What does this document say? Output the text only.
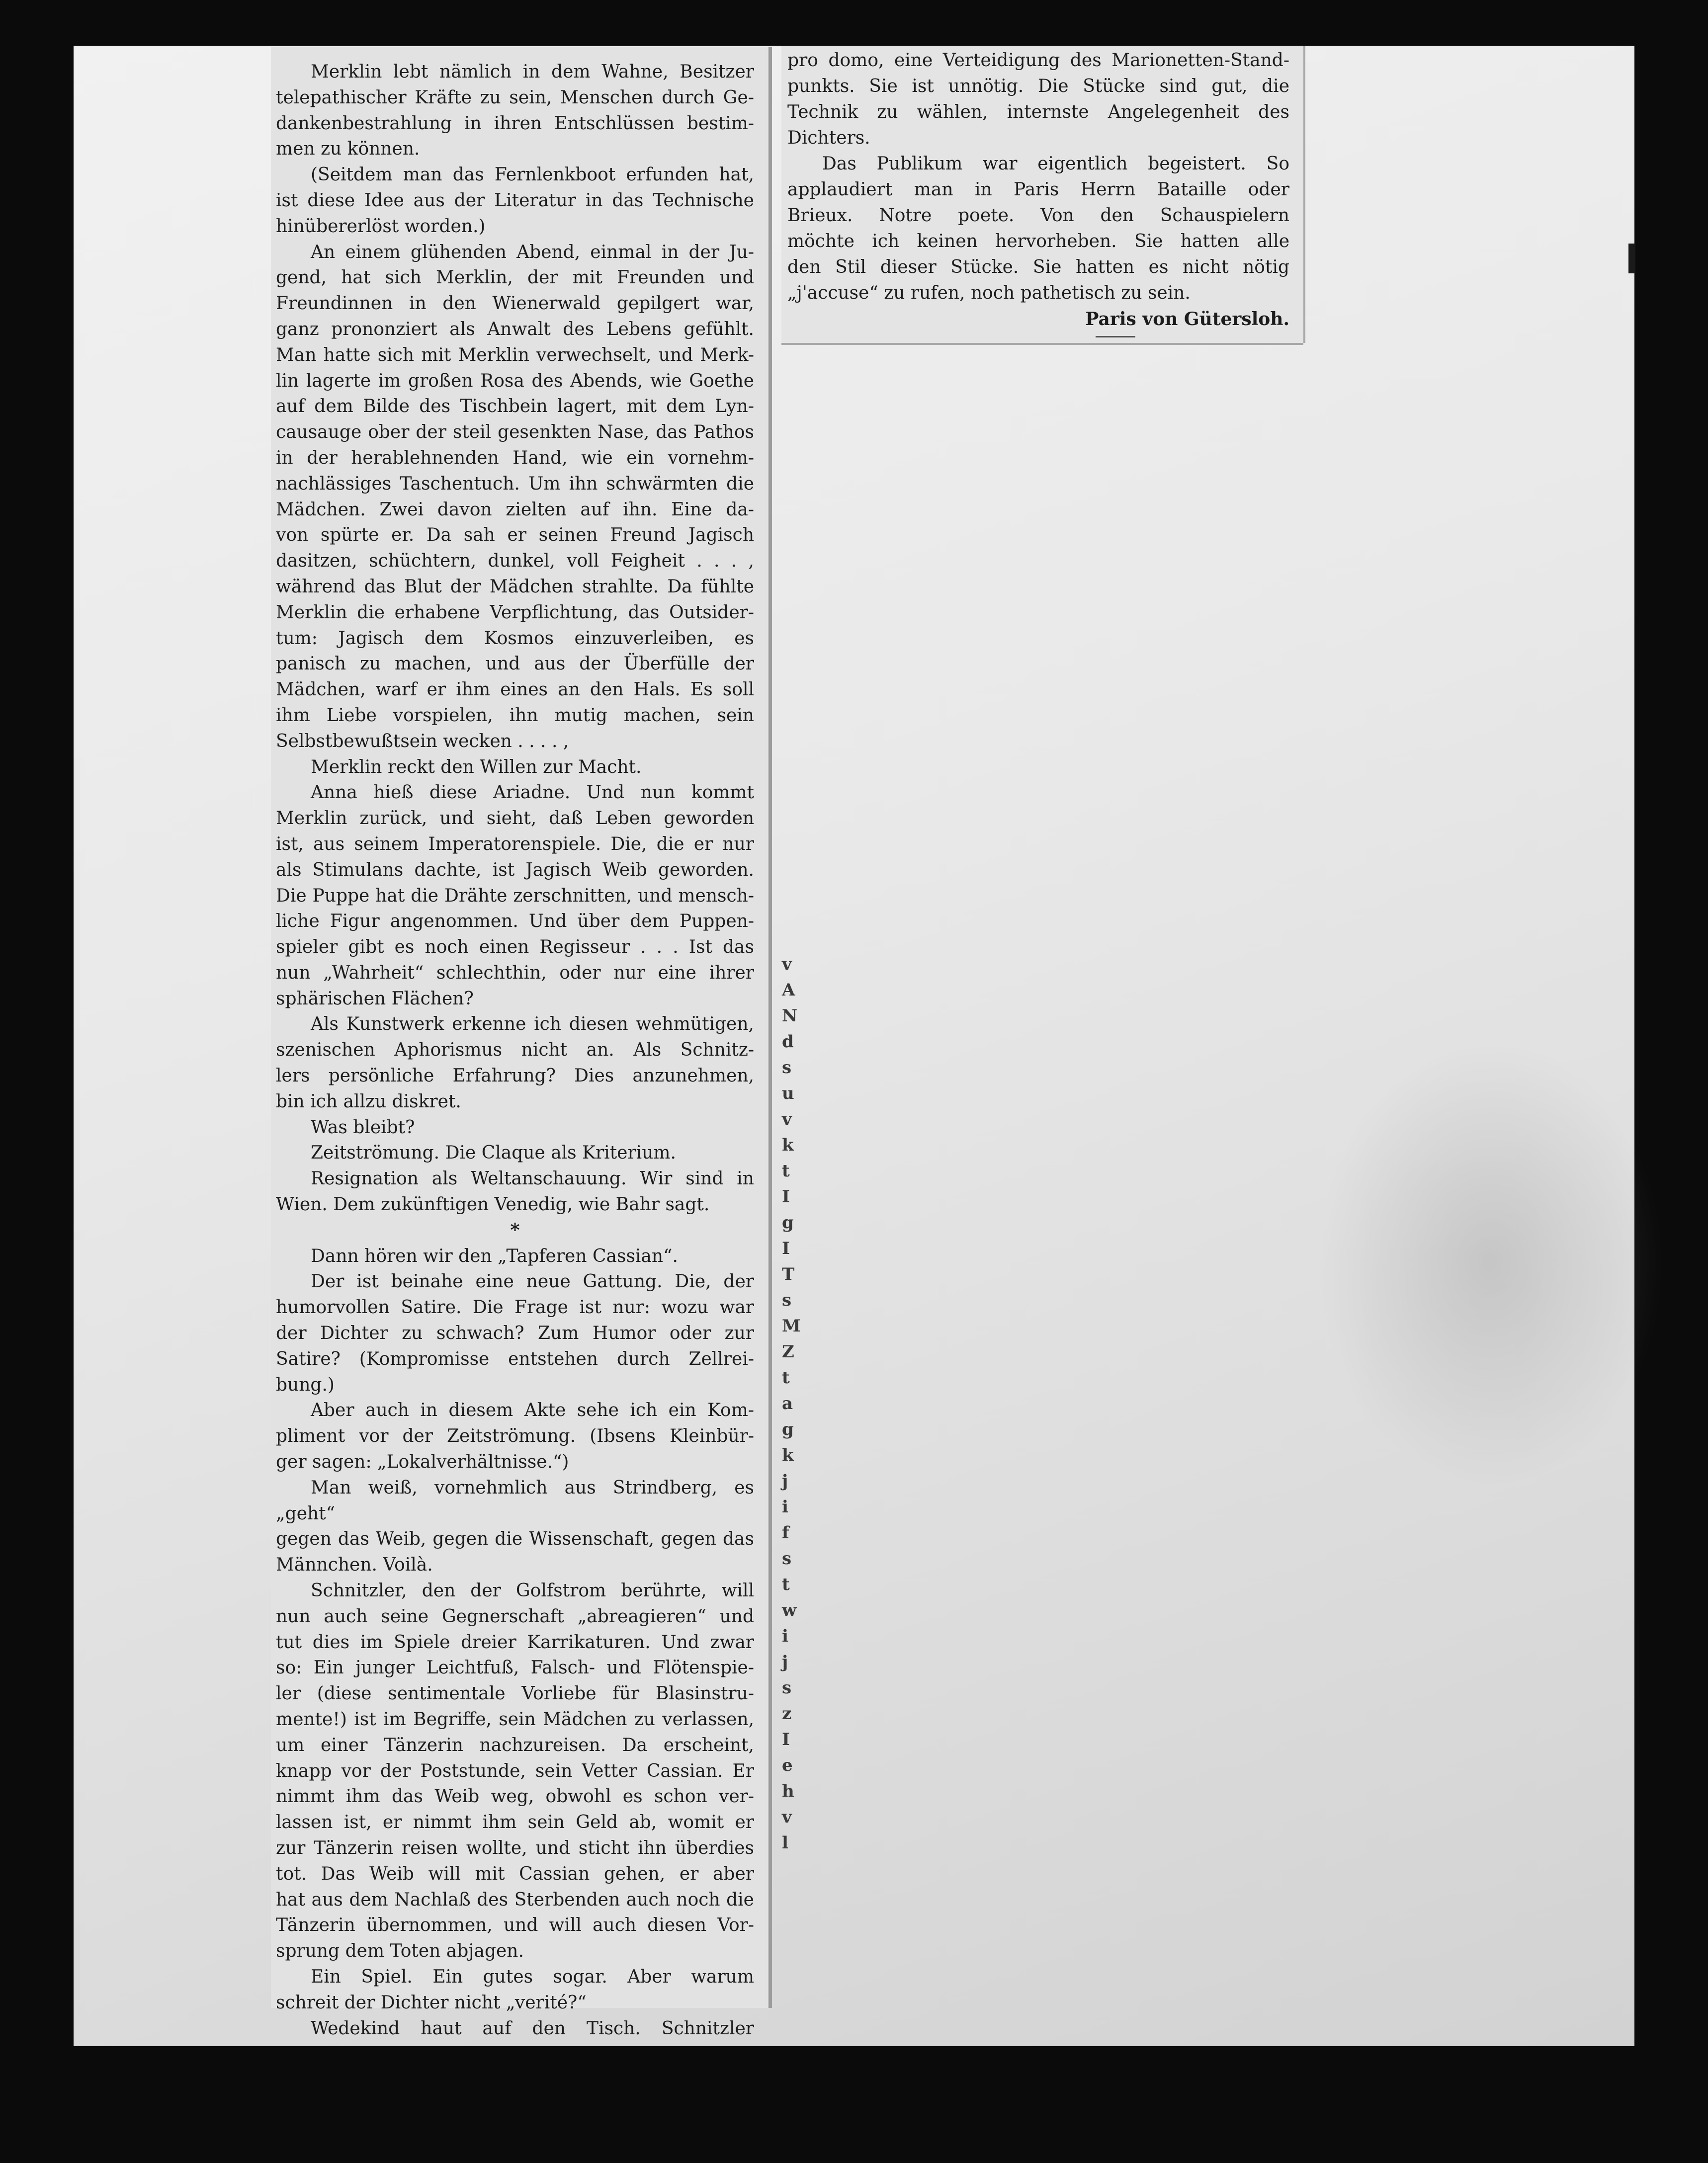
Merklin lebt nämlich in dem Wahne, Besitzer

telepathischer Kräfte zu sein, Menschen durch Ge-

dankenbestrahlung in ihren Entschlüssen bestim-

men zu können.

(Seitdem man das Fernlenkboot erfunden hat,

ist diese Idee aus der Literatur in das Technische

hinübererlöst worden.)

An einem glühenden Abend, einmal in der Ju-

gend, hat sich Merklin, der mit Freunden und

Freundinnen in den Wienerwald gepilgert war,

ganz prononziert als Anwalt des Lebens gefühlt.

Man hatte sich mit Merklin verwechselt, und Merk-

lin lagerte im großen Rosa des Abends, wie Goethe

auf dem Bilde des Tischbein lagert, mit dem Lyn-

causauge ober der steil gesenkten Nase, das Pathos

in der herablehnenden Hand, wie ein vornehm-

nachlässiges Taschentuch. Um ihn schwärmten die

Mädchen. Zwei davon zielten auf ihn. Eine da-

von spürte er. Da sah er seinen Freund Jagisch

dasitzen, schüchtern, dunkel, voll Feigheit . . . ,

während das Blut der Mädchen strahlte. Da fühlte

Merklin die erhabene Verpflichtung, das Outsider-

tum: Jagisch dem Kosmos einzuverleiben, es

panisch zu machen, und aus der Überfülle der

Mädchen, warf er ihm eines an den Hals. Es soll

ihm Liebe vorspielen, ihn mutig machen, sein

Selbstbewußtsein wecken . . . . ,

Merklin reckt den Willen zur Macht.

Anna hieß diese Ariadne. Und nun kommt

Merklin zurück, und sieht, daß Leben geworden

ist, aus seinem Imperatorenspiele. Die, die er nur

als Stimulans dachte, ist Jagisch Weib geworden.

Die Puppe hat die Drähte zerschnitten, und mensch-

liche Figur angenommen. Und über dem Puppen-

spieler gibt es noch einen Regisseur . . . Ist das

nun „Wahrheit“ schlechthin, oder nur eine ihrer

sphärischen Flächen?

Als Kunstwerk erkenne ich diesen wehmütigen,

szenischen Aphorismus nicht an. Als Schnitz-

lers persönliche Erfahrung? Dies anzunehmen,

bin ich allzu diskret.

Was bleibt?

Zeitströmung. Die Claque als Kriterium.

Resignation als Weltanschauung. Wir sind in

Wien. Dem zukünftigen Venedig, wie Bahr sagt.

*

Dann hören wir den „Tapferen Cassian“.

Der ist beinahe eine neue Gattung. Die, der

humorvollen Satire. Die Frage ist nur: wozu war

der Dichter zu schwach? Zum Humor oder zur

Satire? (Kompromisse entstehen durch Zellrei-

bung.)

Aber auch in diesem Akte sehe ich ein Kom-

pliment vor der Zeitströmung. (Ibsens Kleinbür-

ger sagen: „Lokalverhältnisse.“)

Man weiß, vornehmlich aus Strindberg, es „geht“

gegen das Weib, gegen die Wissenschaft, gegen das

Männchen. Voilà.

Schnitzler, den der Golfstrom berührte, will

nun auch seine Gegnerschaft „abreagieren“ und

tut dies im Spiele dreier Karrikaturen. Und zwar

so: Ein junger Leichtfuß, Falsch- und Flötenspie-

ler (diese sentimentale Vorliebe für Blasinstru-

mente!) ist im Begriffe, sein Mädchen zu verlassen,

um einer Tänzerin nachzureisen. Da erscheint,

knapp vor der Poststunde, sein Vetter Cassian. Er

nimmt ihm das Weib weg, obwohl es schon ver-

lassen ist, er nimmt ihm sein Geld ab, womit er

zur Tänzerin reisen wollte, und sticht ihn überdies

tot. Das Weib will mit Cassian gehen, er aber

hat aus dem Nachlaß des Sterbenden auch noch die

Tänzerin übernommen, und will auch diesen Vor-

sprung dem Toten abjagen.

Ein Spiel. Ein gutes sogar. Aber warum

schreit der Dichter nicht „verité?“

Wedekind haut auf den Tisch. Schnitzler

pro domo, eine Verteidigung des Marionetten-Stand-

punkts. Sie ist unnötig. Die Stücke sind gut, die

Technik zu wählen, internste Angelegenheit des

Dichters.

Das Publikum war eigentlich begeistert. So

applaudiert man in Paris Herrn Bataille oder

Brieux. Notre poete. Von den Schauspielern

möchte ich keinen hervorheben. Sie hatten alle

den Stil dieser Stücke. Sie hatten es nicht nötig

„j'accuse“ zu rufen, noch pathetisch zu sein.

Paris von Gütersloh.

v
A
N
d
s
u
v
k
t
I
g
I
T
s
M
Z
t
a
g
k
j
i
f
s
t
w
i
j
s
z
I
e
h
v
l
